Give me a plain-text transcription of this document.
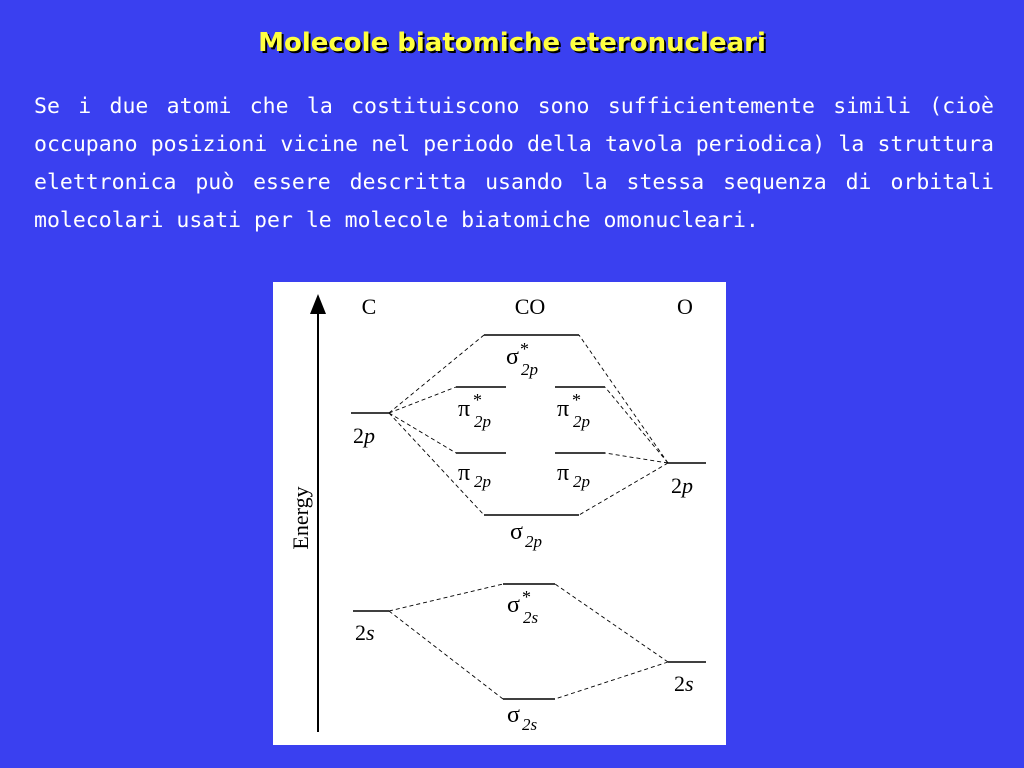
Molecole biatomiche eteronucleari

Se i due atomi che la costituiscono sono sufficientemente simili (cioè occupano posizioni vicine nel periodo della tavola periodica) la struttura elettronica può essere descritta usando la stessa sequenza di orbitali molecolari usati per le molecole biatomiche omonucleari.

Energy
C	CO	O
2p
2s
2p
2s
σ *
2p
π *
2p	π *
2p
π 2p	π 2p
σ 2p
σ *
2s
σ 2s
